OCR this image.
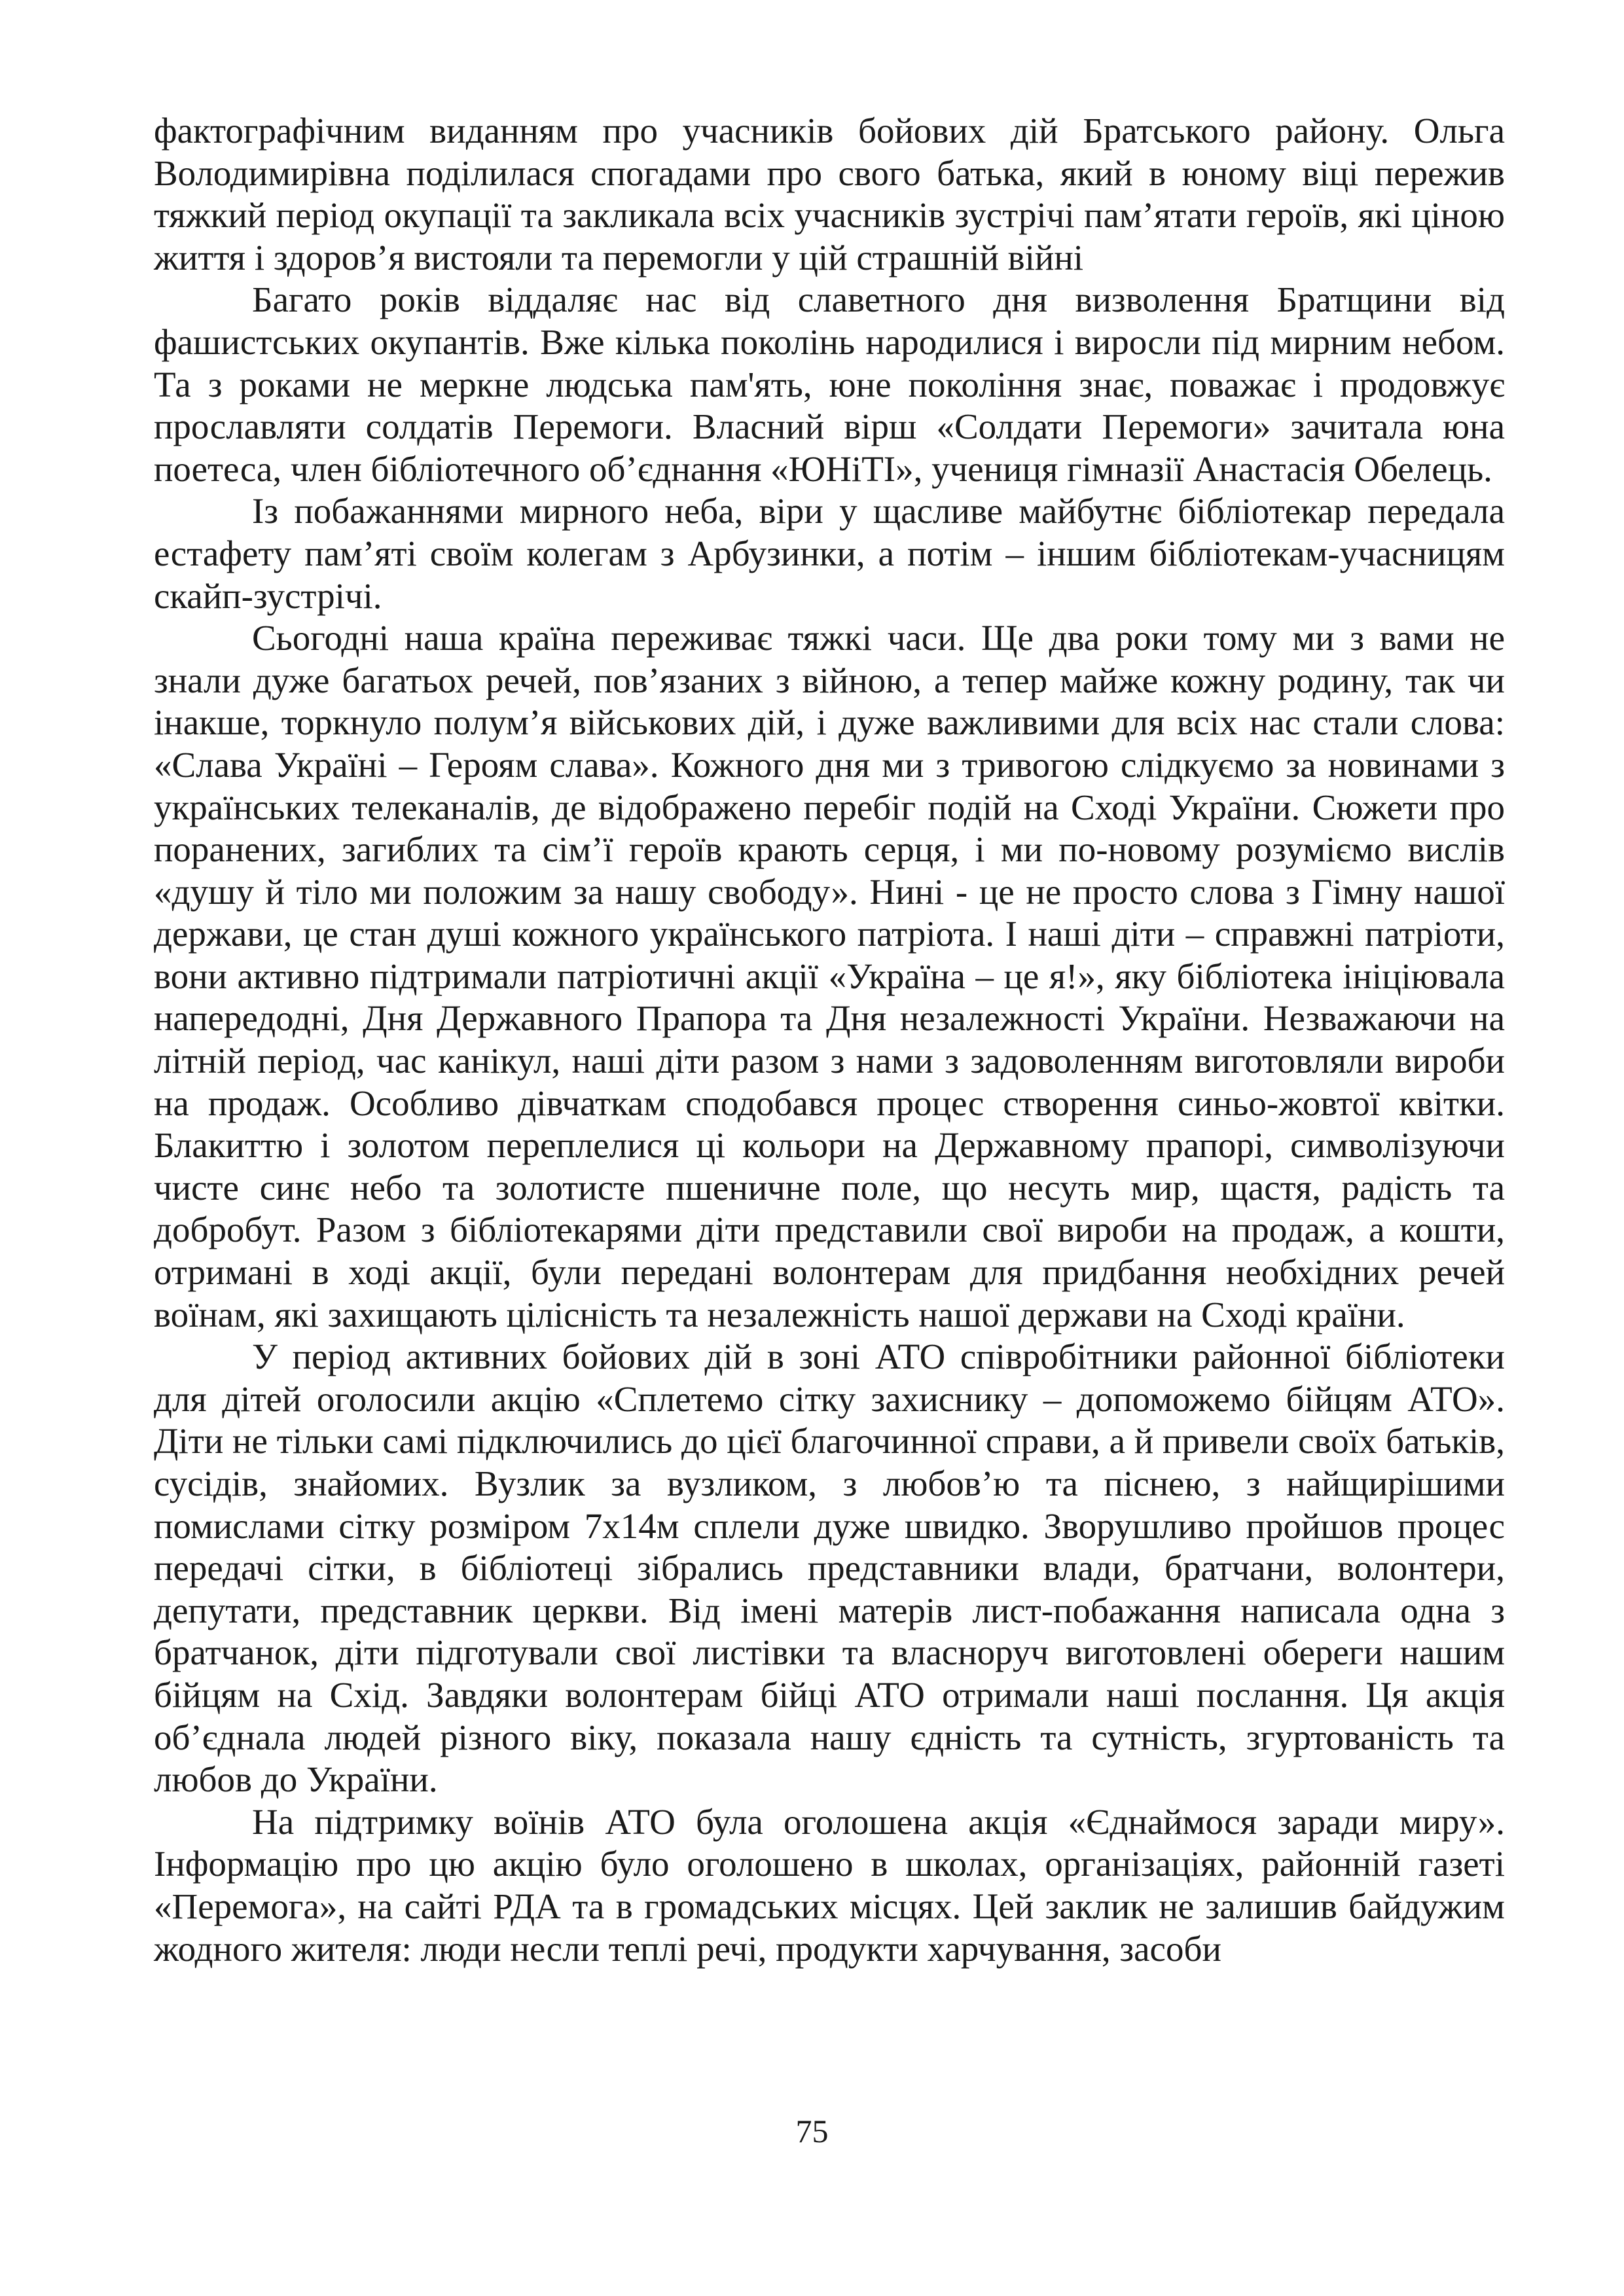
фактографічним виданням про учасників бойових дій Братського району. Ольга Володимирівна поділилася спогадами про свого батька, який в юному віці пережив тяжкий період окупації та закликала всіх учасників зустрічі пам’ятати героїв, які ціною життя і здоров’я вистояли та перемогли у цій страшній війні

Багато років віддаляє нас від славетного дня визволення Братщини від фашистських окупантів. Вже кілька поколінь народилися і виросли під мирним небом. Та з роками не меркне людська пам'ять, юне покоління знає, поважає і продовжує прославляти солдатів Перемоги. Власний вірш «Солдати Перемоги» зачитала юна поетеса, член бібліотечного об’єднання «ЮНіТІ», учениця гімназії Анастасія Обелець.

Із побажаннями мирного неба, віри у щасливе майбутнє бібліотекар передала естафету пам’яті своїм колегам з Арбузинки, а потім – іншим бібліотекам-учасницям скайп-зустрічі.

Сьогодні наша країна переживає тяжкі часи. Ще два роки тому ми з вами не знали дуже багатьох речей, пов’язаних з війною, а тепер майже кожну родину, так чи інакше, торкнуло полум’я військових дій, і дуже важливими для всіх нас стали слова: «Слава Україні – Героям слава». Кожного дня ми з тривогою слідкуємо за новинами з українських телеканалів, де відображено перебіг подій на Сході України. Сюжети про поранених, загиблих та сім’ї героїв крають серця, і ми по-новому розуміємо вислів «душу й тіло ми положим за нашу свободу». Нині - це не просто слова з Гімну нашої держави, це стан душі кожного українського патріота. І наші діти – справжні патріоти, вони активно підтримали патріотичні акції «Україна – це я!», яку бібліотека ініціювала напередодні, Дня Державного Прапора та Дня незалежності України. Незважаючи на літній період, час канікул, наші діти разом з нами з задоволенням виготовляли вироби на продаж. Особливо дівчаткам сподобався процес створення синьо-жовтої квітки. Блакиттю і золотом переплелися ці кольори на Державному прапорі, символізуючи чисте синє небо та золотисте пшеничне поле, що несуть мир, щастя, радість та добробут. Разом з бібліотекарями діти представили свої вироби на продаж, а кошти, отримані в ході акції, були передані волонтерам для придбання необхідних речей воїнам, які захищають цілісність та незалежність нашої держави на Сході країни.

У період активних бойових дій в зоні АТО співробітники районної бібліотеки для дітей оголосили акцію «Сплетемо сітку захиснику – допоможемо бійцям АТО». Діти не тільки самі підключились до цієї благочинної справи, а й привели своїх батьків, сусідів, знайомих. Вузлик за вузликом, з любов’ю та піснею, з найщирішими помислами сітку розміром 7х14м сплели дуже швидко. Зворушливо пройшов процес передачі сітки, в бібліотеці зібрались представники влади, братчани, волонтери, депутати, представник церкви. Від імені матерів лист-побажання написала одна з братчанок, діти підготували свої листівки та власноруч виготовлені обереги нашим бійцям на Схід. Завдяки волонтерам бійці АТО отримали наші послання. Ця акція об’єднала людей різного віку, показала нашу єдність та сутність, згуртованість та любов до України.

На підтримку воїнів АТО була оголошена акція «Єднаймося заради миру». Інформацію про цю акцію було оголошено в школах, організаціях, районній газеті «Перемога», на сайті РДА та в громадських місцях. Цей заклик не залишив байдужим жодного жителя: люди несли теплі речі, продукти харчування, засоби

75
